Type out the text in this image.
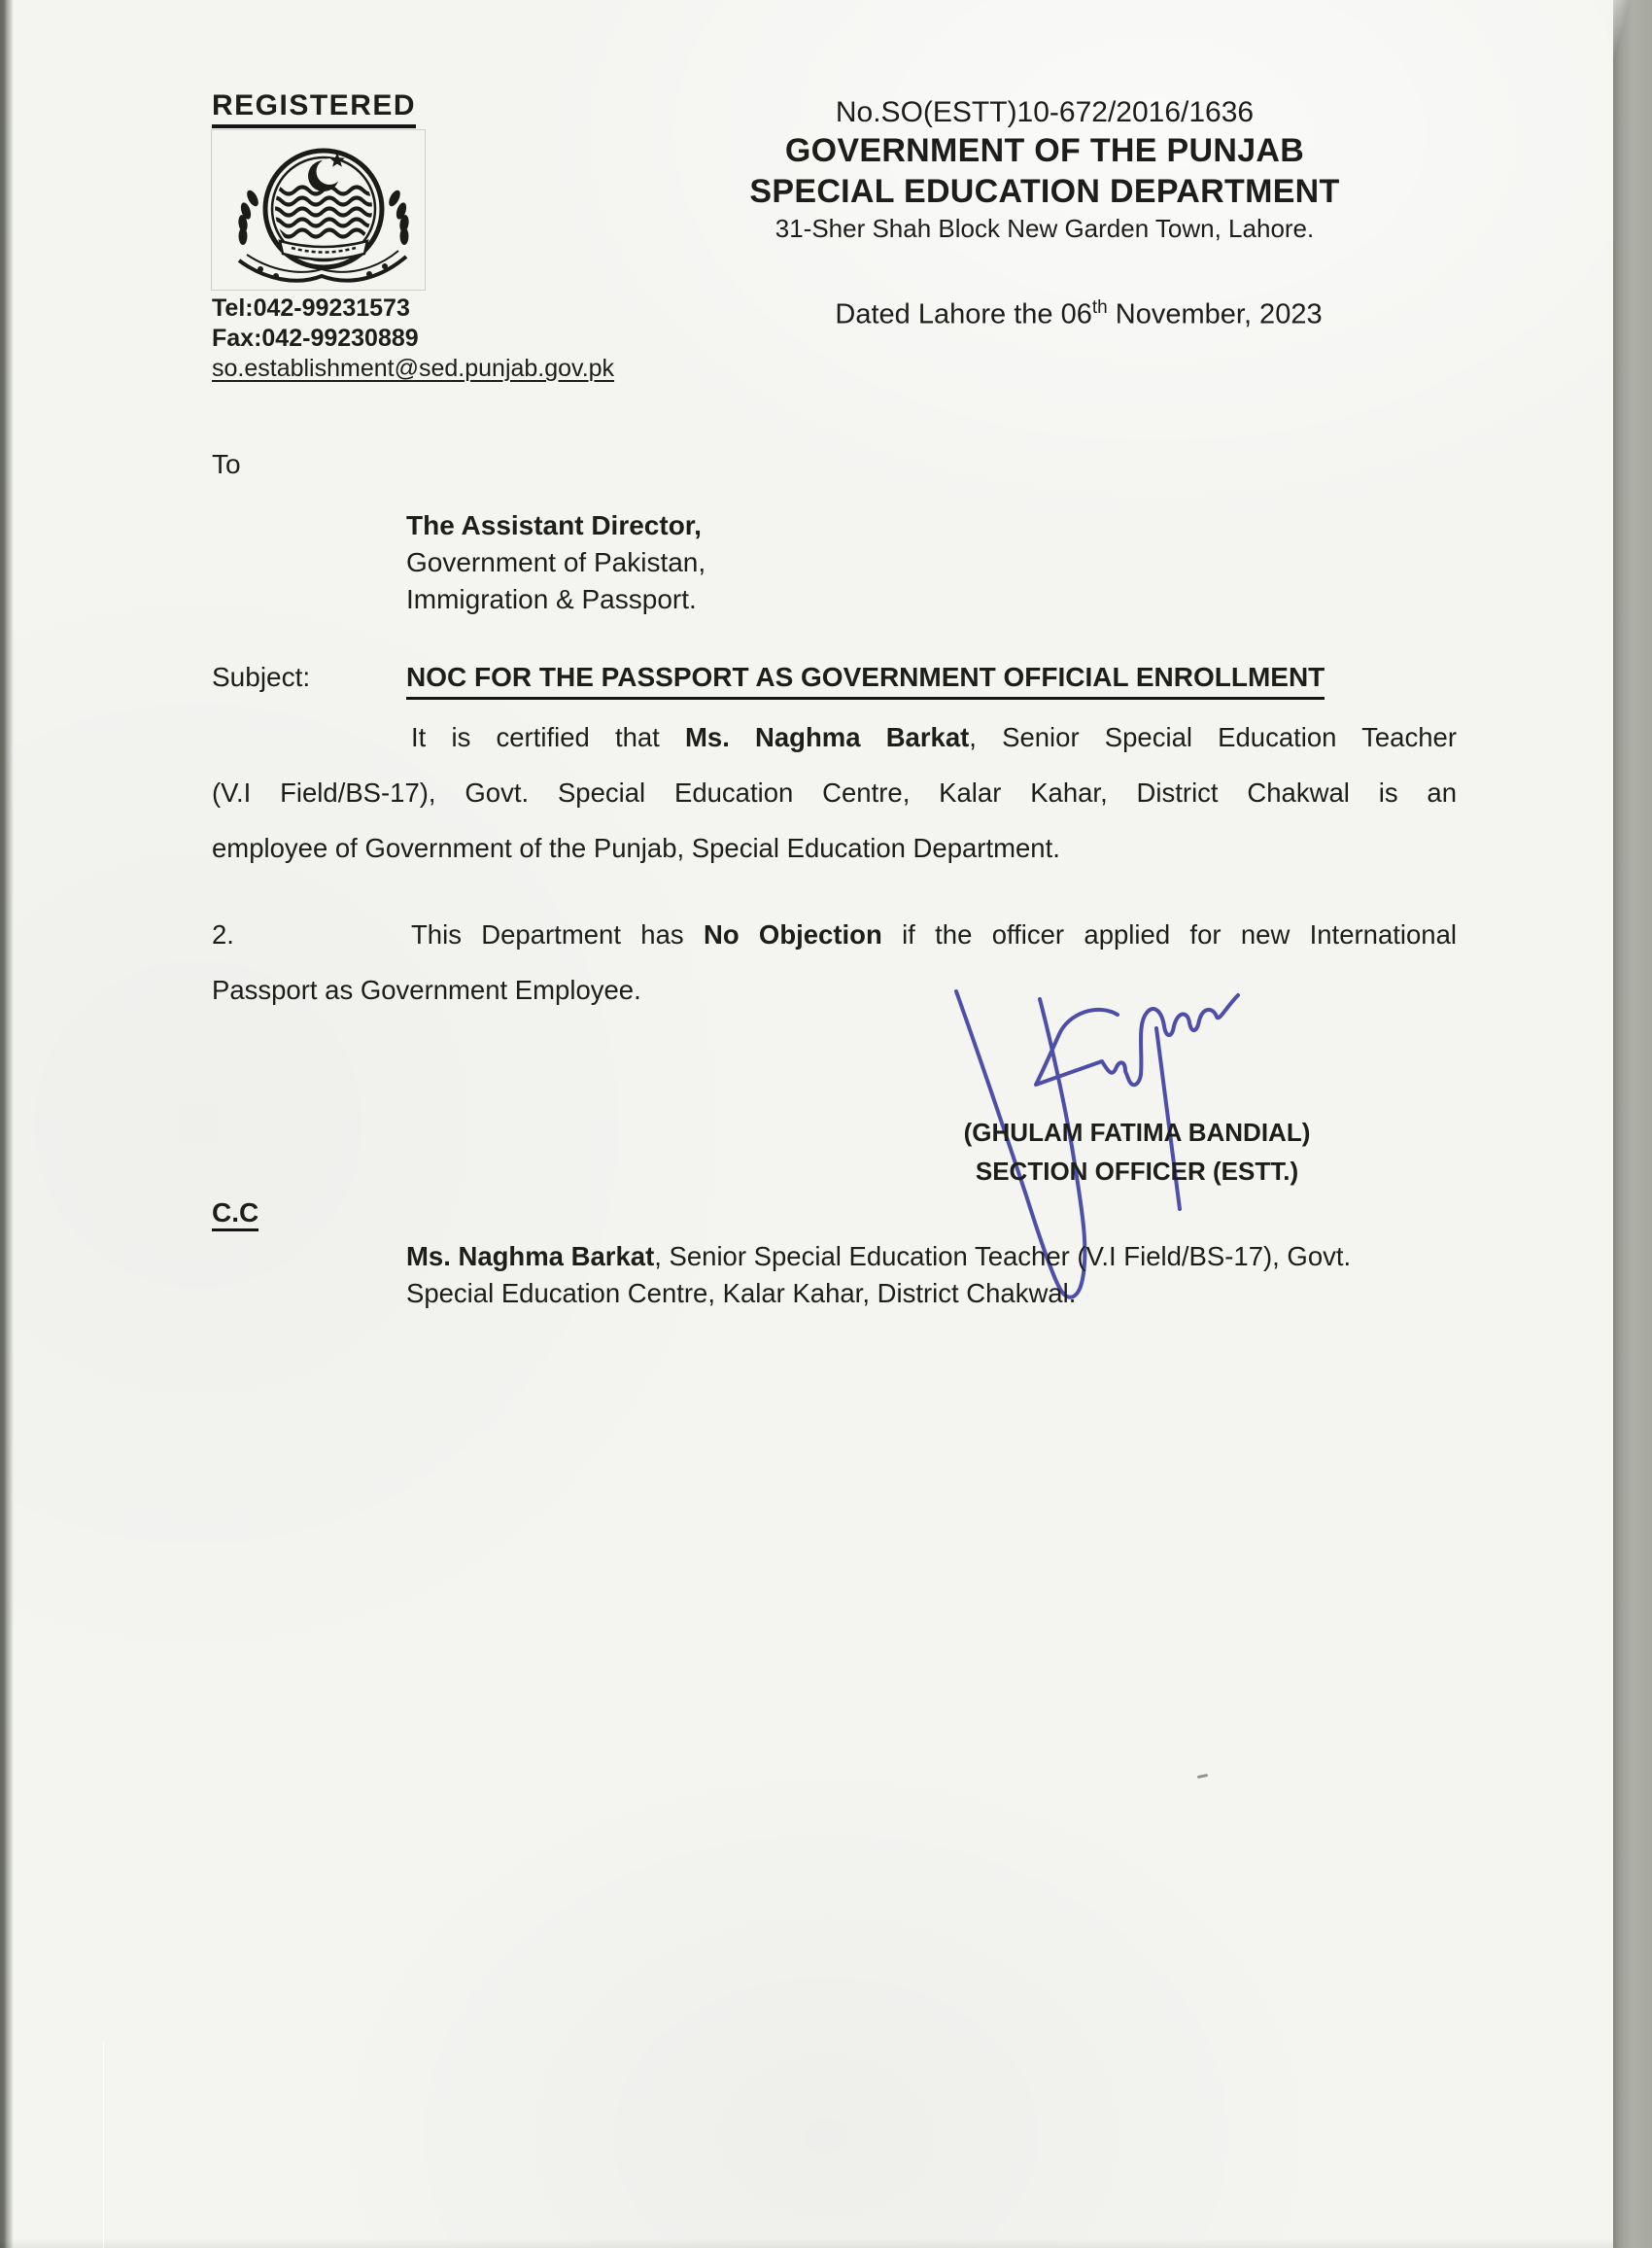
REGISTERED
Tel:042-99231573
Fax:042-99230889
so.establishment@sed.punjab.gov.pk
No.SO(ESTT)10-672/2016/1636
GOVERNMENT OF THE PUNJAB
SPECIAL EDUCATION DEPARTMENT
31-Sher Shah Block New Garden Town, Lahore.
Dated Lahore the 06th November, 2023
To
The Assistant Director,
Government of Pakistan,
Immigration & Passport.
Subject:	NOC FOR THE PASSPORT AS GOVERNMENT OFFICIAL ENROLLMENT
It is certified that Ms. Naghma Barkat, Senior Special Education Teacher
(V.I Field/BS-17), Govt. Special Education Centre, Kalar Kahar, District Chakwal is an
employee of Government of the Punjab, Special Education Department.
2.	This Department has No Objection if the officer applied for new International
Passport as Government Employee.
(GHULAM FATIMA BANDIAL)
SECTION OFFICER (ESTT.)
C.C
Ms. Naghma Barkat, Senior Special Education Teacher (V.I Field/BS-17), Govt.
Special Education Centre, Kalar Kahar, District Chakwal.
